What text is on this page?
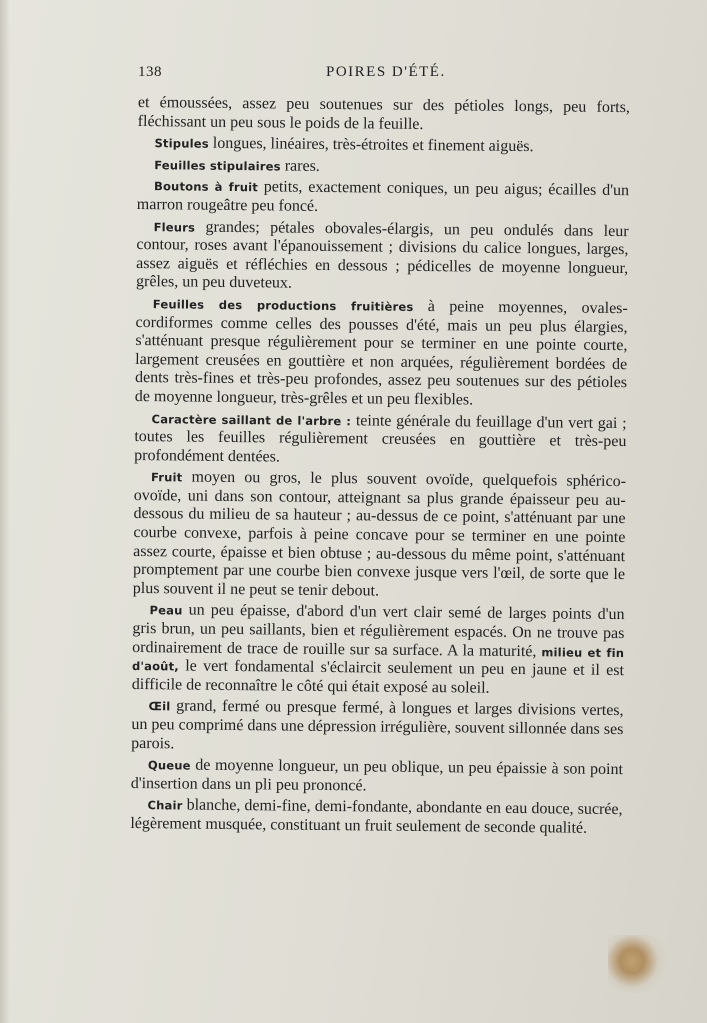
138	POIRES D'ÉTÉ.

et émoussées, assez peu soutenues sur des pétioles longs, peu forts, fléchissant un peu sous le poids de la feuille.

Stipules longues, linéaires, très-étroites et finement aiguës.

Feuilles stipulaires rares.

Boutons à fruit petits, exactement coniques, un peu aigus; écailles d'un marron rougeâtre peu foncé.

Fleurs grandes; pétales obovales-élargis, un peu ondulés dans leur contour, roses avant l'épanouissement ; divisions du calice longues, larges, assez aiguës et réfléchies en dessous ; pédicelles de moyenne longueur, grêles, un peu duveteux.

Feuilles des productions fruitières à peine moyennes, ovales-cordiformes comme celles des pousses d'été, mais un peu plus élargies, s'atténuant presque régulièrement pour se terminer en une pointe courte, largement creusées en gouttière et non arquées, régulièrement bordées de dents très-fines et très-peu profondes, assez peu soutenues sur des pétioles de moyenne longueur, très-grêles et un peu flexibles.

Caractère saillant de l'arbre : teinte générale du feuillage d'un vert gai ; toutes les feuilles régulièrement creusées en gouttière et très-peu profondément dentées.

Fruit moyen ou gros, le plus souvent ovoïde, quelquefois sphérico-ovoïde, uni dans son contour, atteignant sa plus grande épaisseur peu au-dessous du milieu de sa hauteur ; au-dessus de ce point, s'atténuant par une courbe convexe, parfois à peine concave pour se terminer en une pointe assez courte, épaisse et bien obtuse ; au-dessous du même point, s'atténuant promptement par une courbe bien convexe jusque vers l'œil, de sorte que le plus souvent il ne peut se tenir debout.

Peau un peu épaisse, d'abord d'un vert clair semé de larges points d'un gris brun, un peu saillants, bien et régulièrement espacés. On ne trouve pas ordinairement de trace de rouille sur sa surface. A la maturité, milieu et fin d'août, le vert fondamental s'éclaircit seulement un peu en jaune et il est difficile de reconnaître le côté qui était exposé au soleil.

Œil grand, fermé ou presque fermé, à longues et larges divisions vertes, un peu comprimé dans une dépression irrégulière, souvent sillonnée dans ses parois.

Queue de moyenne longueur, un peu oblique, un peu épaissie à son point d'insertion dans un pli peu prononcé.

Chair blanche, demi-fine, demi-fondante, abondante en eau douce, sucrée, légèrement musquée, constituant un fruit seulement de seconde qualité.
